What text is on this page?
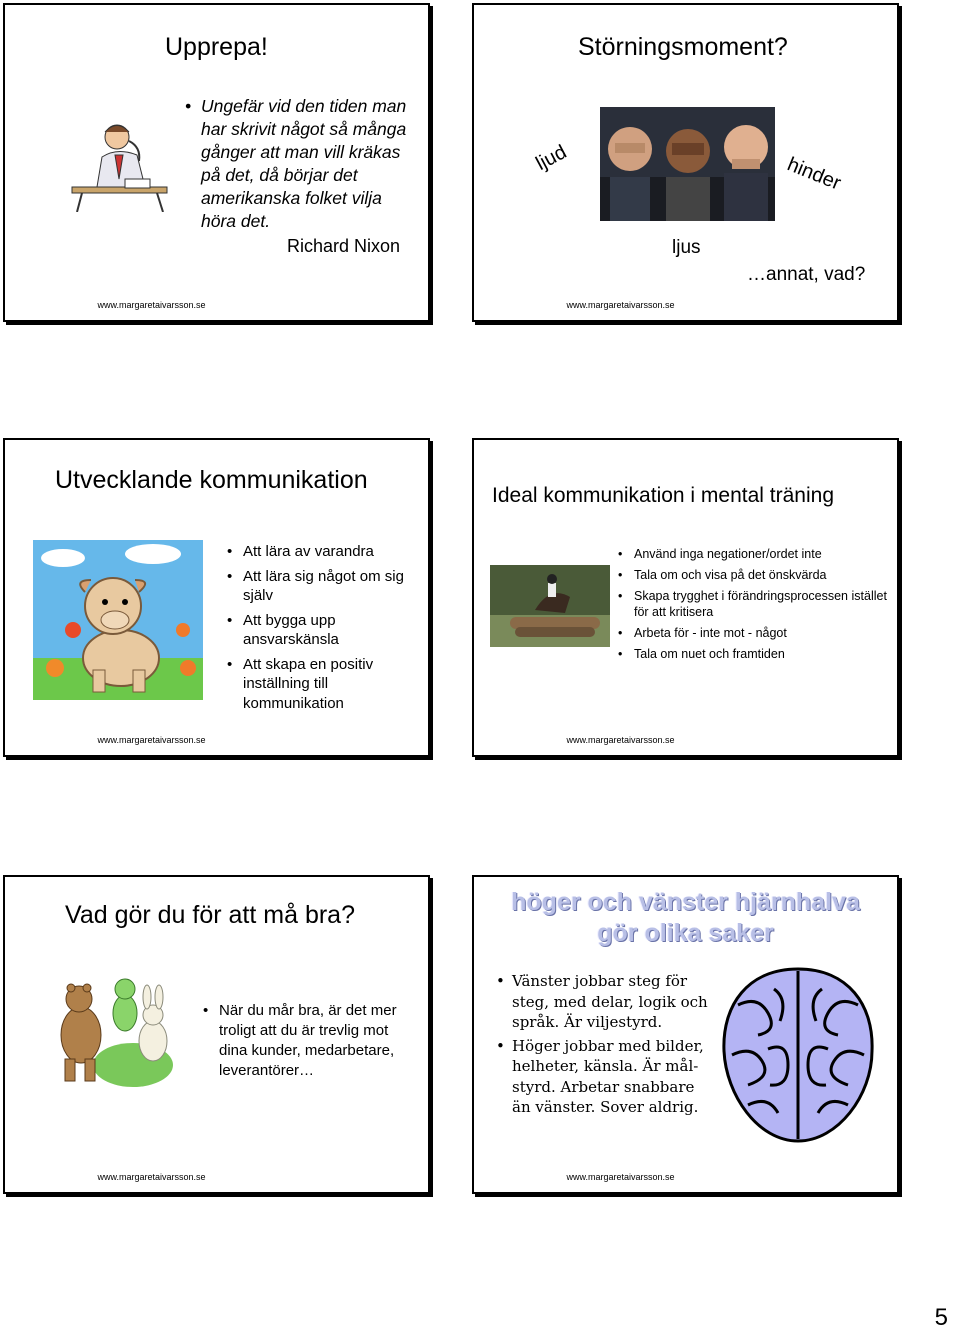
Upprepa!
• Ungefär vid den tiden man har skrivit något så många gånger att man vill kräkas på det, då börjar det amerikanska folket vilja höra det.
Richard Nixon
www.margaretaivarsson.se
Störningsmoment?
ljud	hinder
ljus
…annat, vad?
www.margaretaivarsson.se
Utvecklande kommunikation
• Att lära av varandra
• Att lära sig något om sig själv
• Att bygga upp ansvarskänsla
• Att skapa en positiv inställning till kommunikation
www.margaretaivarsson.se
Ideal kommunikation i mental träning
• Använd inga negationer/ordet inte
• Tala om och visa på det önskvärda
• Skapa trygghet i förändringsprocessen istället för att kritisera
• Arbeta för - inte mot - något
• Tala om nuet och framtiden
www.margaretaivarsson.se
Vad gör du för att må bra?
• När du mår bra, är det mer troligt att du är trevlig mot dina kunder, medarbetare, leverantörer…
www.margaretaivarsson.se
höger och vänster hjärnhalva
gör olika saker
• Vänster jobbar steg för steg, med delar, logik och språk. Är viljestyrd.
• Höger jobbar med bilder, helheter, känsla. Är mål-styrd. Arbetar snabbare än vänster. Sover aldrig.
www.margaretaivarsson.se
5
